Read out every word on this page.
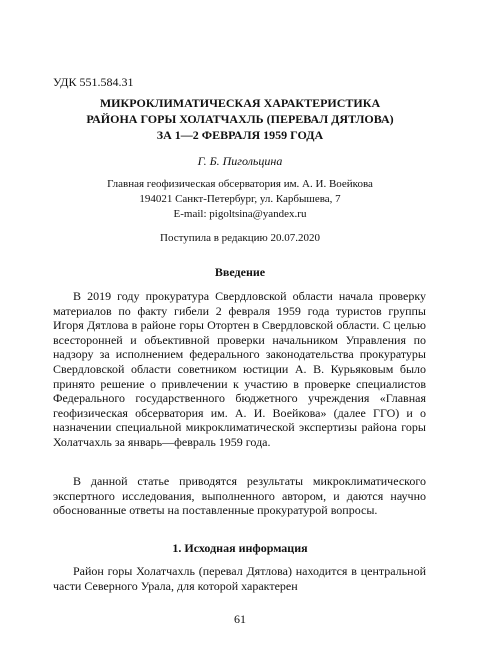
УДК 551.584.31
МИКРОКЛИМАТИЧЕСКАЯ ХАРАКТЕРИСТИКА
РАЙОНА ГОРЫ ХОЛАТЧАХЛЬ (ПЕРЕВАЛ ДЯТЛОВА)
ЗА 1—2 ФЕВРАЛЯ 1959 ГОДА
Г. Б. Пигольцина
Главная геофизическая обсерватория им. А. И. Воейкова
194021 Санкт-Петербург, ул. Карбышева, 7
E-mail: pigoltsina@yandex.ru
Поступила в редакцию 20.07.2020
Введение

В 2019 году прокуратура Свердловской области начала проверку материалов по факту гибели 2 февраля 1959 года туристов группы Игоря Дятлова в районе горы Отортен в Свердловской области. С целью всесторонней и объективной проверки начальником Управления по надзору за исполнением федерального законодательства прокуратуры Свердловской области советником юстиции А. В. Курьяковым было принято решение о привлечении к участию в проверке специалистов Федерального государственного бюджетного учреждения «Главная геофизическая обсерватория им. А. И. Воейкова» (далее ГГО) и о назначении специальной микроклиматической экспертизы района горы Холатчахль за январь—февраль 1959 года.

В данной статье приводятся результаты микроклиматического экспертного исследования, выполненного автором, и даются научно обоснованные ответы на поставленные прокуратурой вопросы.

1. Исходная информация

Район горы Холатчахль (перевал Дятлова) находится в центральной части Северного Урала, для которой характерен

61
